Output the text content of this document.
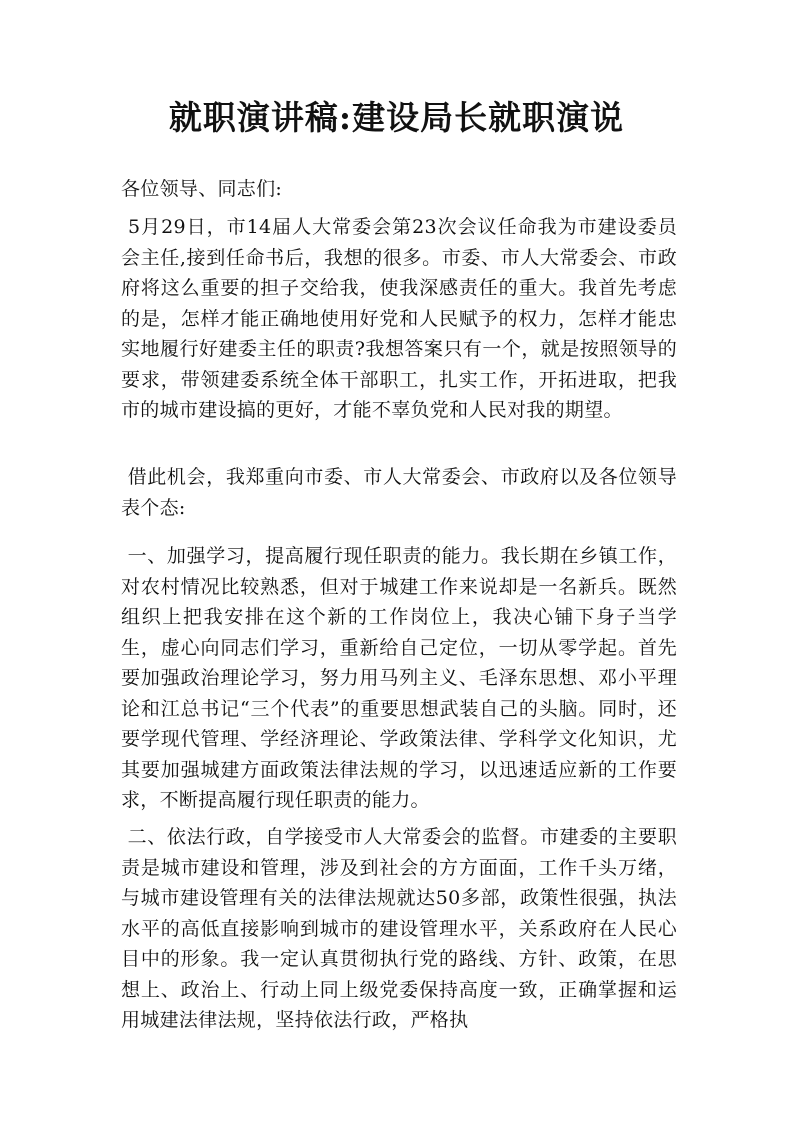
就职演讲稿:建设局长就职演说

各位领导、同志们:

5月29日，市14届人大常委会第23次会议任命我为市建设委员会主任,接到任命书后，我想的很多。市委、市人大常委会、市政府将这么重要的担子交给我，使我深感责任的重大。我首先考虑的是，怎样才能正确地使用好党和人民赋予的权力，怎样才能忠实地履行好建委主任的职责?我想答案只有一个，就是按照领导的要求，带领建委系统全体干部职工，扎实工作，开拓进取，把我市的城市建设搞的更好，才能不辜负党和人民对我的期望。

借此机会，我郑重向市委、市人大常委会、市政府以及各位领导表个态:

一、加强学习，提高履行现任职责的能力。我长期在乡镇工作，对农村情况比较熟悉，但对于城建工作来说却是一名新兵。既然组织上把我安排在这个新的工作岗位上，我决心铺下身子当学生，虚心向同志们学习，重新给自己定位，一切从零学起。首先要加强政治理论学习，努力用马列主义、毛泽东思想、邓小平理论和江总书记“三个代表”的重要思想武装自己的头脑。同时，还要学现代管理、学经济理论、学政策法律、学科学文化知识，尤其要加强城建方面政策法律法规的学习，以迅速适应新的工作要求，不断提高履行现任职责的能力。

二、依法行政，自学接受市人大常委会的监督。市建委的主要职责是城市建设和管理，涉及到社会的方方面面，工作千头万绪，与城市建设管理有关的法律法规就达50多部，政策性很强，执法水平的高低直接影响到城市的建设管理水平，关系政府在人民心目中的形象。我一定认真贯彻执行党的路线、方针、政策，在思想上、政治上、行动上同上级党委保持高度一致，正确掌握和运用城建法律法规，坚持依法行政，严格执
